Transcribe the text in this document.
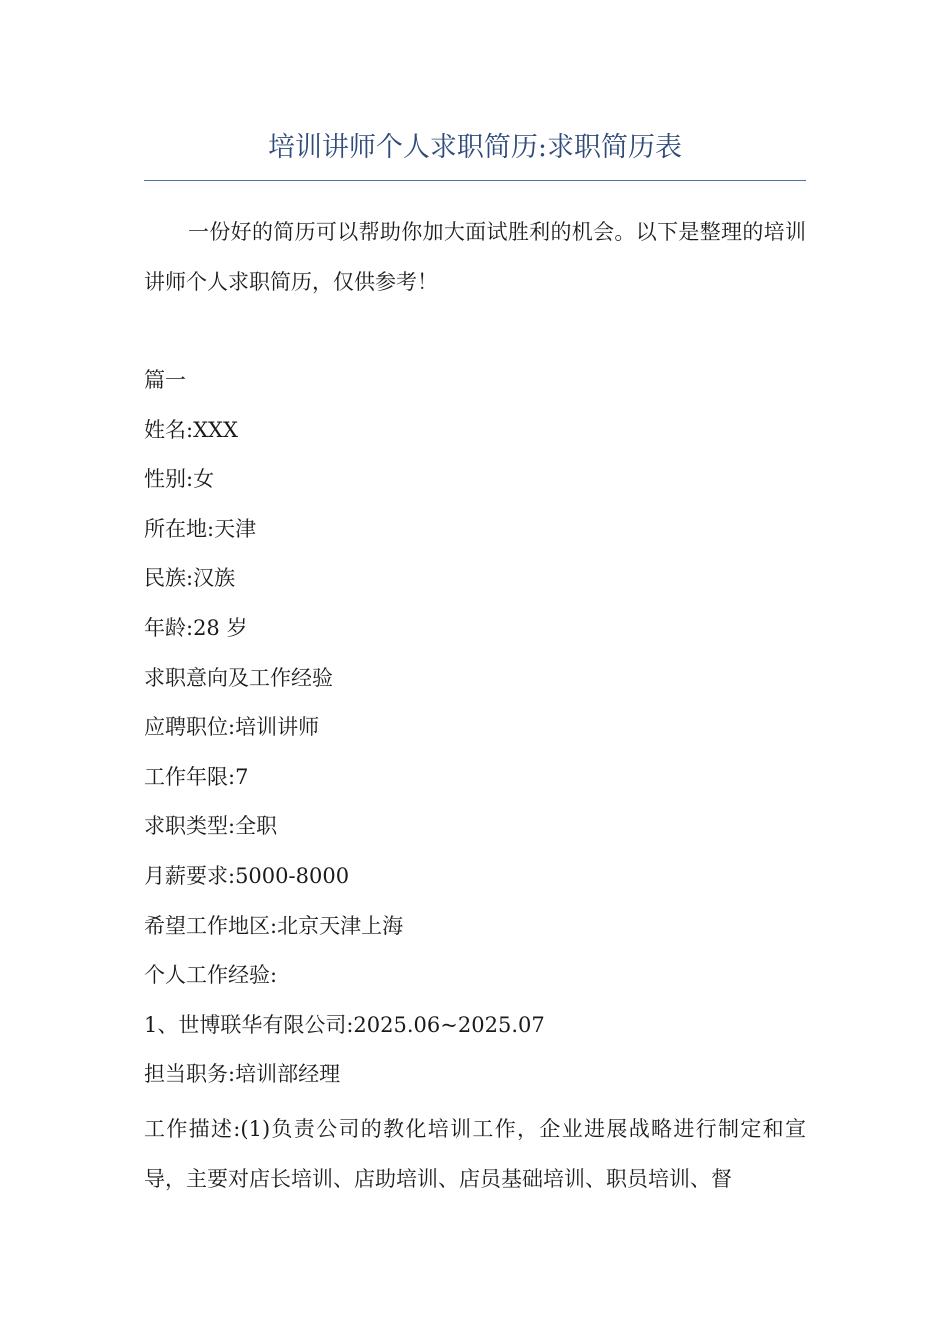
培训讲师个人求职简历:求职简历表
一份好的简历可以帮助你加大面试胜利的机会。以下是整理的培训讲师个人求职简历，仅供参考！
篇一
姓名:XXX
性别:女
所在地:天津
民族:汉族
年龄:28 岁
求职意向及工作经验
应聘职位:培训讲师
工作年限:7
求职类型:全职
月薪要求:5000-8000
希望工作地区:北京天津上海
个人工作经验:
1、世博联华有限公司:2025.06~2025.07
担当职务:培训部经理
工作描述:(1)负责公司的教化培训工作，企业进展战略进行制定和宣导，主要对店长培训、店助培训、店员基础培训、职员培训、督
